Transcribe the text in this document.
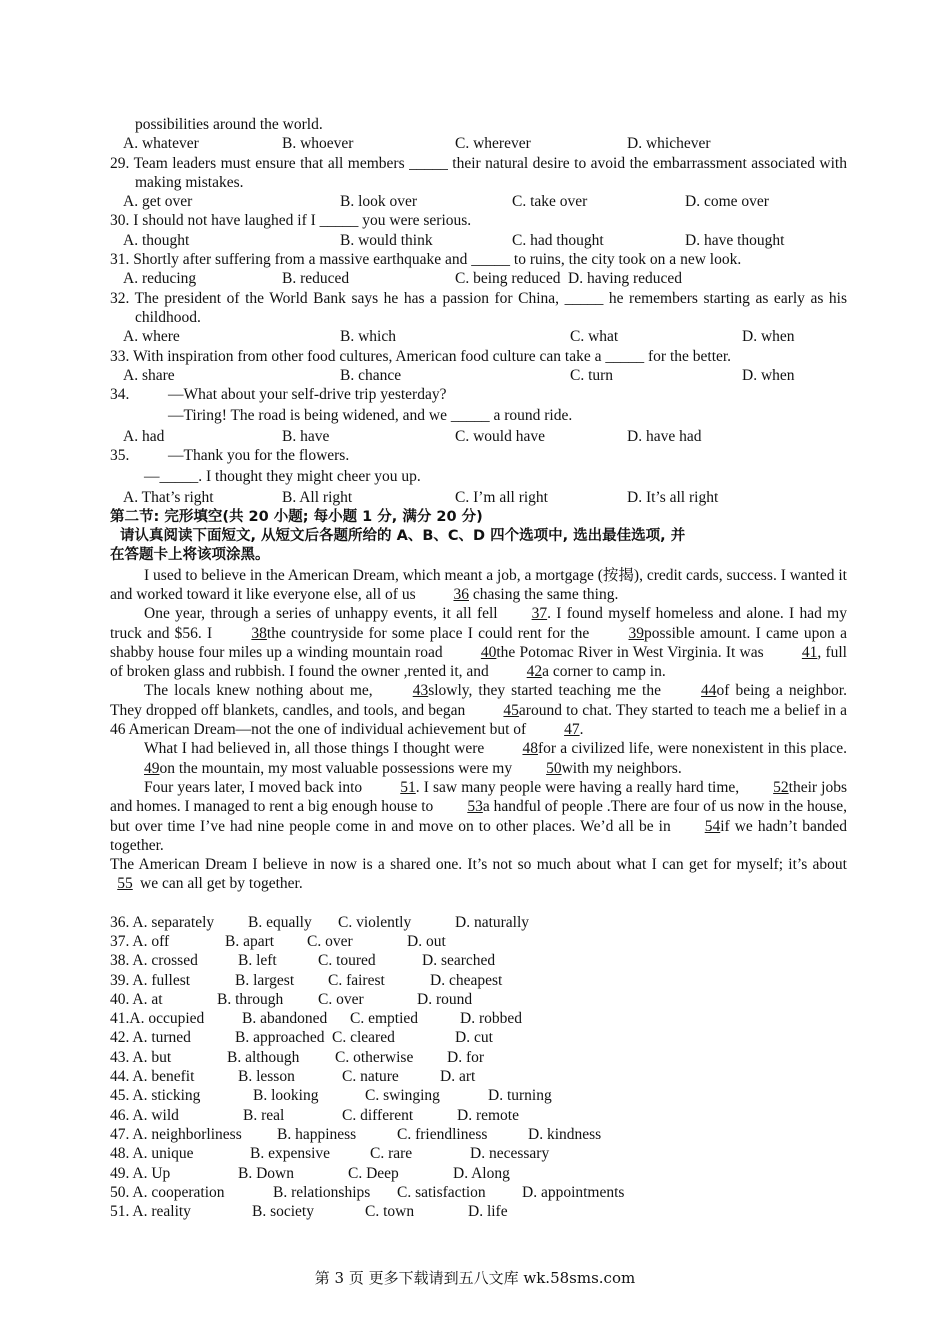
possibilities around the world.
A. whatever	B. whoever	C. wherever	D. whichever
29. Team leaders must ensure that all members _____ their natural desire to avoid the embarrassment associated with making mistakes.
A. get over	B. look over	C. take over	D. come over
30. I should not have laughed if I _____ you were serious.
A. thought	B. would think	C. had thought	D. have thought
31. Shortly after suffering from a massive earthquake and _____ to ruins, the city took on a new look.
A. reducing	B. reduced	C. being reduced D. having reduced
32. The president of the World Bank says he has a passion for China, _____ he remembers starting as early as his childhood.
A. where	B. which	C. what	D. when
33. With inspiration from other food cultures, American food culture can take a _____ for the better.
A. share	B. chance	C. turn	D. when
34. —What about your self-drive trip yesterday?
—Tiring! The road is being widened, and we _____ a round ride.
A. had	B. have	C. would have	D. have had
35. —Thank you for the flowers.
—_____. I thought they might cheer you up.
A. That’s right	B. All right	C. I’m all right	D. It’s all right
第二节: 完形填空(共 20 小题; 每小题 1 分, 满分 20 分)
请认真阅读下面短文, 从短文后各题所给的 A、B、C、D 四个选项中, 选出最佳选项, 并
在答题卡上将该项涂黑。

I used to believe in the American Dream, which meant a job, a mortgage (按揭), credit cards, success. I wanted it and worked toward it like everyone else, all of us 36 chasing the same thing.

One year, through a series of unhappy events, it all fell 37. I found myself homeless and alone. I had my truck and $56. I 38the countryside for some place I could rent for the 39possible amount. I came upon a shabby house four miles up a winding mountain road 40the Potomac River in West Virginia. It was 41, full of broken glass and rubbish. I found the owner ,rented it, and 42a corner to camp in.

The locals knew nothing about me, 43slowly, they started teaching me the 44of being a neighbor. They dropped off blankets, candles, and tools, and began 45around to chat. They started to teach me a belief in a 46 American Dream—not the one of individual achievement but of 47.

What I had believed in, all those things I thought were 48for a civilized life, were nonexistent in this place. 49on the mountain, my most valuable possessions were my 50with my neighbors.

Four years later, I moved back into 51. I saw many people were having a really hard time, 52their jobs and homes. I managed to rent a big enough house to 53a handful of people .There are four of us now in the house, but over time I’ve had nine people come in and move on to other places. We’d all be in 54if we hadn’t banded together.

The American Dream I believe in now is a shared one. It’s not so much about what I can get for myself; it’s about 55 we can all get by together.

36. A. separately B. equally C. violently	D. naturally
37. A. off	B. apart C. over	D. out
38. A. crossed	B. left	C. toured	D. searched
39. A. fullest	B. largest C. fairest	D. cheapest
40. A. at	B. through C. over	D. round
41.A. occupied B. abandoned C. emptied	D. robbed
42. A. turned	B. approached C. cleared	D. cut
43. A. but	B. although C. otherwise D. for
44. A. benefit	B. lesson	C. nature	D. art
45. A. sticking	B. looking	C. swinging	D. turning
46. A. wild	B. real	C. different	D. remote
47. A. neighborliness B. happiness	C. friendliness	D. kindness
48. A. unique	B. expensive	C. rare	D. necessary
49. A. Up	B. Down	C. Deep	D. Along
50. A. cooperation	B. relationships C. satisfaction D. appointments
51. A. reality	B. society	C. town	D. life
第 3 页 更多下载请到五八文库 wk.58sms.com
